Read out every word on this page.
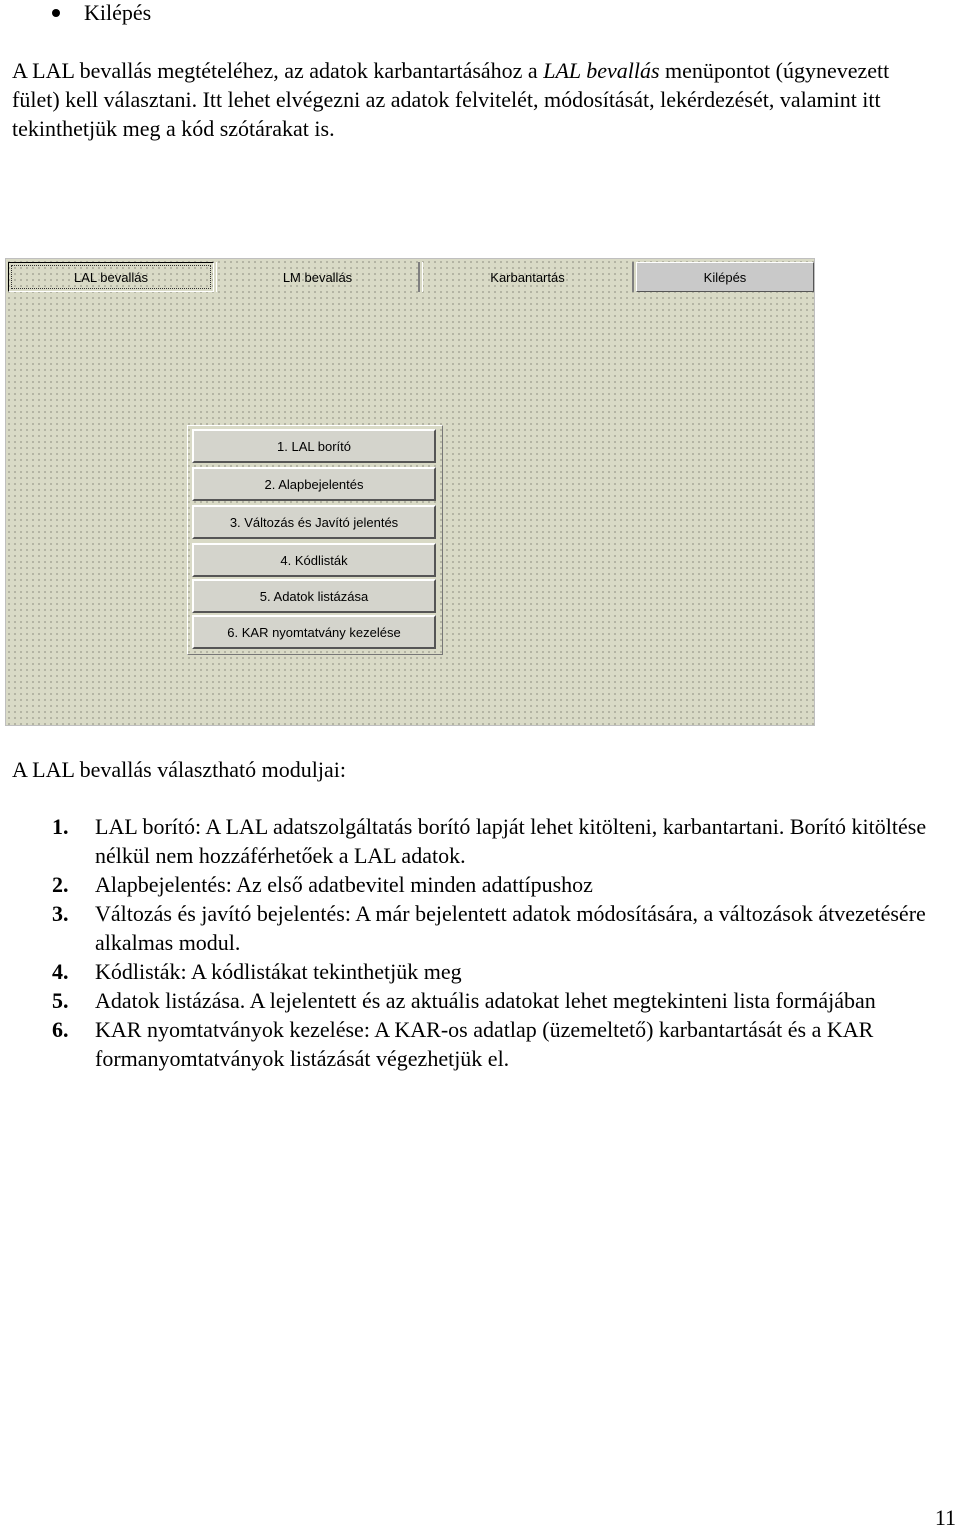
Kilépés
A LAL bevallás megtételéhez, az adatok karbantartásához a LAL bevallás menüpontot (úgynevezett fület) kell választani. Itt lehet elvégezni az adatok felvitelét, módosítását, lekérdezését, valamint itt tekinthetjük meg a kód szótárakat is.
LAL bevallás	LM bevallás	Karbantartás	Kilépés
1. LAL borító
2. Alapbejelentés
3. Változás és Javító jelentés
4. Kódlisták
5. Adatok listázása
6. KAR nyomtatvány kezelése
A LAL bevallás választható moduljai:
1. LAL borító: A LAL adatszolgáltatás borító lapját lehet kitölteni, karbantartani. Borító kitöltése nélkül nem hozzáférhetőek a LAL adatok.
2. Alapbejelentés: Az első adatbevitel minden adattípushoz
3. Változás és javító bejelentés: A már bejelentett adatok módosítására, a változások átvezetésére alkalmas modul.
4. Kódlisták: A kódlistákat tekinthetjük meg
5. Adatok listázása. A lejelentett és az aktuális adatokat lehet megtekinteni lista formájában
6. KAR nyomtatványok kezelése: A KAR-os adatlap (üzemeltető) karbantartását és a KAR formanyomtatványok listázását végezhetjük el.
11
